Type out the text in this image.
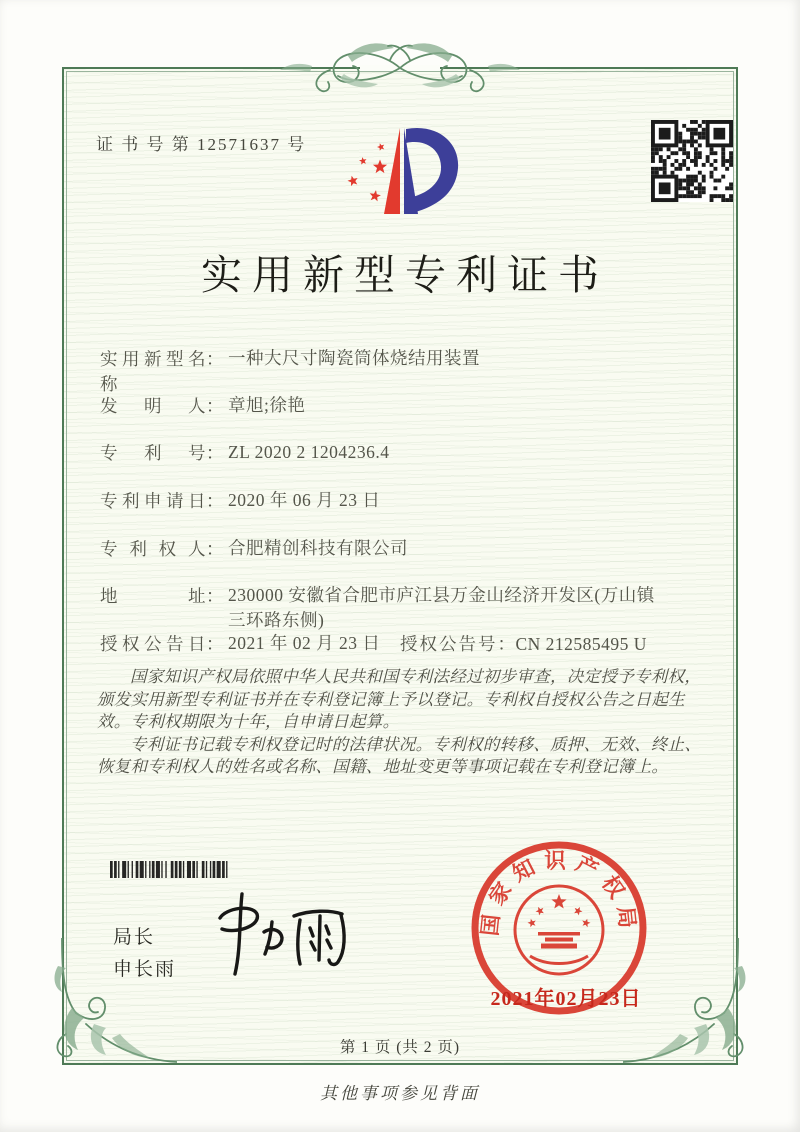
证 书 号 第 12571637 号
实用新型专利证书
实用新型名称： 一种大尺寸陶瓷筒体烧结用装置
发明人： 章旭;徐艳
专利号： ZL 2020 2 1204236.4
专利申请日： 2020 年 06 月 23 日
专利权人： 合肥精创科技有限公司
地址： 230000 安徽省合肥市庐江县万金山经济开发区(万山镇三环路东侧)
授权公告日： 2021 年 02 月 23 日 授权公告号：CN 212585495 U

国家知识产权局依照中华人民共和国专利法经过初步审查，决定授予专利权，颁发实用新型专利证书并在专利登记簿上予以登记。专利权自授权公告之日起生效。专利权期限为十年，自申请日起算。

专利证书记载专利权登记时的法律状况。专利权的转移、质押、无效、终止、恢复和专利权人的姓名或名称、国籍、地址变更等事项记载在专利登记簿上。

局长
申长雨
国家知识产权局
2021年02月23日
第 1 页 (共 2 页)
其他事项参见背面
